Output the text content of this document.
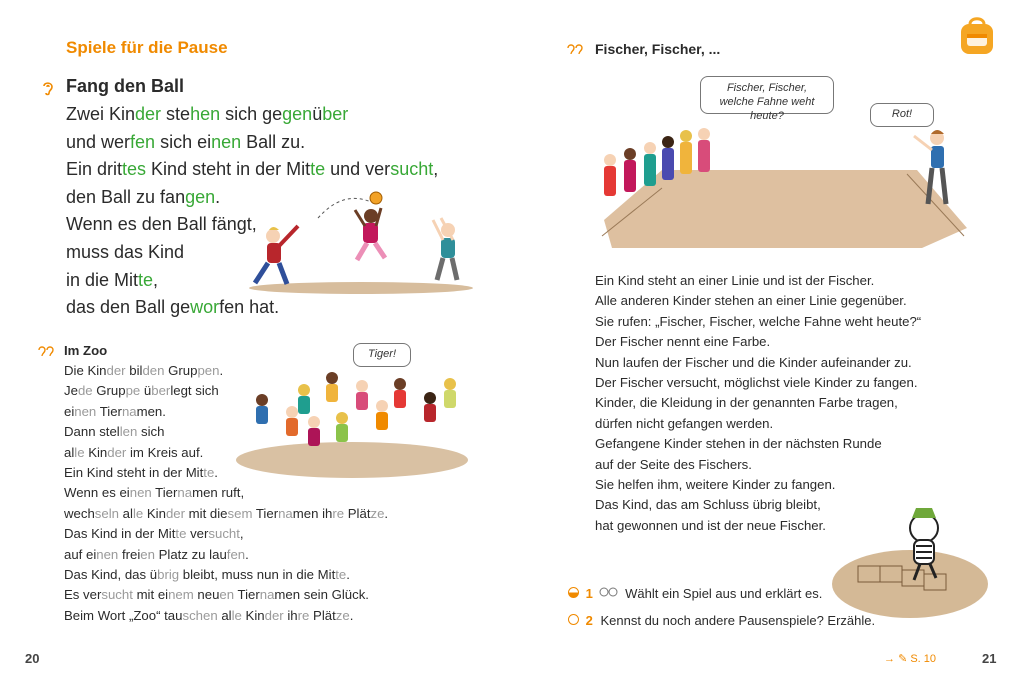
Spiele für die Pause
Fang den Ball
Zwei Kinder stehen sich gegenüber
und werfen sich einen Ball zu.
Ein drittes Kind steht in der Mitte und versucht,
den Ball zu fangen.
Wenn es den Ball fängt,
muss das Kind
in die Mitte,
das den Ball geworfen hat.
Im Zoo
Die Kinder bilden Gruppen.
Jede Gruppe überlegt sich
einen Tiernamen.
Dann stellen sich
alle Kinder im Kreis auf.
Ein Kind steht in der Mitte.
Wenn es einen Tiernamen ruft,
wechseln alle Kinder mit diesem Tiernamen ihre Plätze.
Das Kind in der Mitte versucht,
auf einen freien Platz zu laufen.
Das Kind, das übrig bleibt, muss nun in die Mitte.
Es versucht mit einem neuen Tiernamen sein Glück.
Beim Wort „Zoo“ tauschen alle Kinder ihre Plätze.
Tiger!
20
Fischer, Fischer, ...
Fischer, Fischer,
welche Fahne weht heute?	Rot!
Ein Kind steht an einer Linie und ist der Fischer.
Alle anderen Kinder stehen an einer Linie gegenüber.
Sie rufen: „Fischer, Fischer, welche Fahne weht heute?“
Der Fischer nennt eine Farbe.
Nun laufen der Fischer und die Kinder aufeinander zu.
Der Fischer versucht, möglichst viele Kinder zu fangen.
Kinder, die Kleidung in der genannten Farbe tragen,
dürfen nicht gefangen werden.
Gefangene Kinder stehen in der nächsten Runde
auf der Seite des Fischers.
Sie helfen ihm, weitere Kinder zu fangen.
Das Kind, das am Schluss übrig bleibt,
hat gewonnen und ist der neue Fischer.
1 Wählt ein Spiel aus und erklärt es.
2 Kennst du noch andere Pausenspiele? Erzähle.
→ ✎ S. 10	21
